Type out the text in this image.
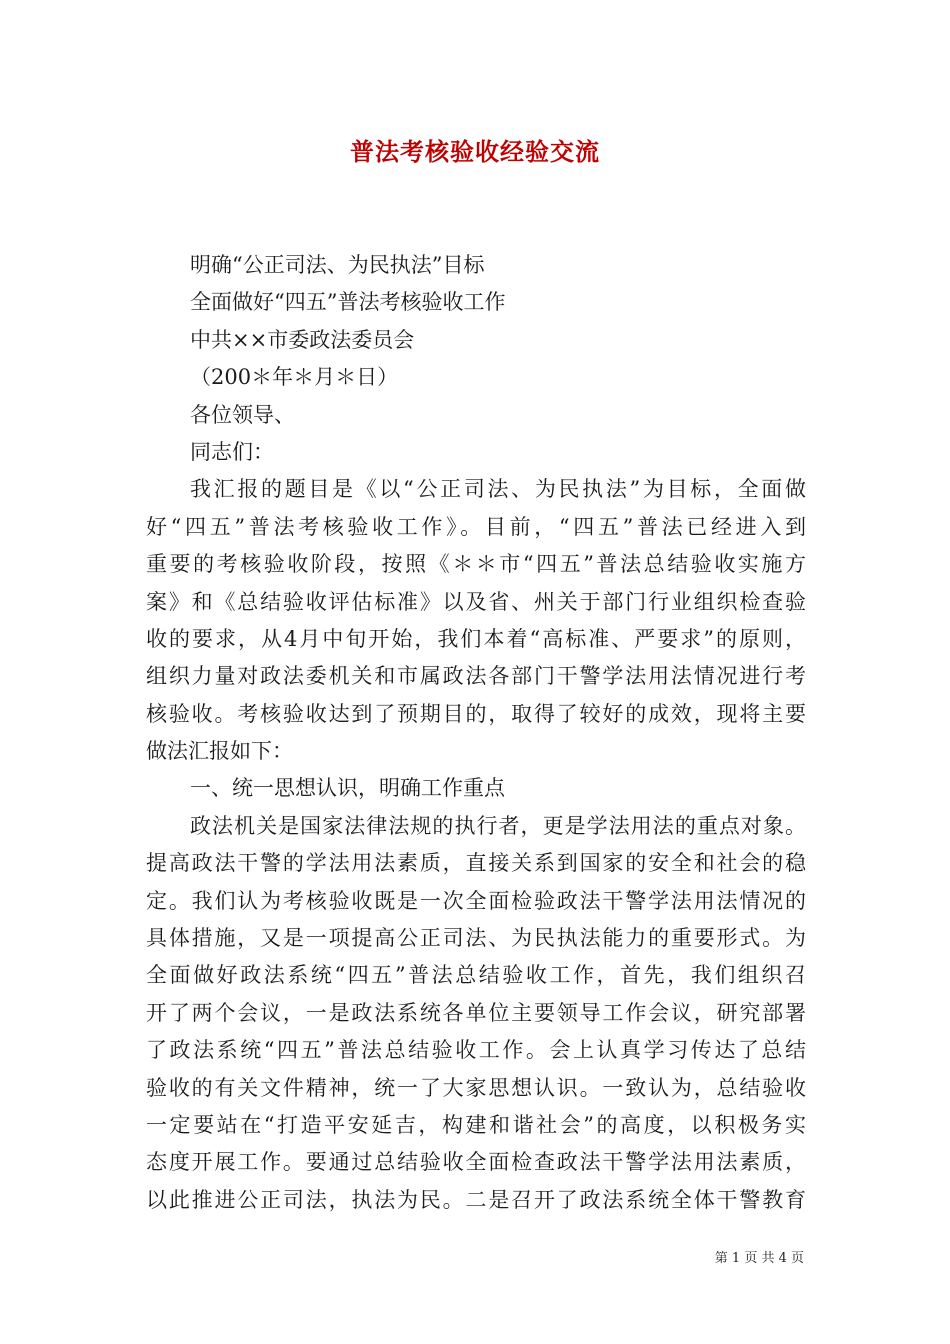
普法考核验收经验交流
明确“公正司法、为民执法”目标
全面做好“四五”普法考核验收工作
中共××市委政法委员会
（200＊年＊月＊日）
各位领导、
同志们：
我汇报的题目是《以“公正司法、为民执法”为目标，全面做
好“四五”普法考核验收工作》。目前，“四五”普法已经进入到
重要的考核验收阶段，按照《＊＊市“四五”普法总结验收实施方
案》和《总结验收评估标准》以及省、州关于部门行业组织检查验
收的要求，从4月中旬开始，我们本着“高标准、严要求”的原则，
组织力量对政法委机关和市属政法各部门干警学法用法情况进行考
核验收。考核验收达到了预期目的，取得了较好的成效，现将主要
做法汇报如下：
一、统一思想认识，明确工作重点
政法机关是国家法律法规的执行者，更是学法用法的重点对象。
提高政法干警的学法用法素质，直接关系到国家的安全和社会的稳
定。我们认为考核验收既是一次全面检验政法干警学法用法情况的
具体措施，又是一项提高公正司法、为民执法能力的重要形式。为
全面做好政法系统“四五”普法总结验收工作，首先，我们组织召
开了两个会议，一是政法系统各单位主要领导工作会议，研究部署
了政法系统“四五”普法总结验收工作。会上认真学习传达了总结
验收的有关文件精神，统一了大家思想认识。一致认为，总结验收
一定要站在“打造平安延吉，构建和谐社会”的高度，以积极务实
态度开展工作。要通过总结验收全面检查政法干警学法用法素质，
以此推进公正司法，执法为民。二是召开了政法系统全体干警教育
第 1 页 共 4 页
